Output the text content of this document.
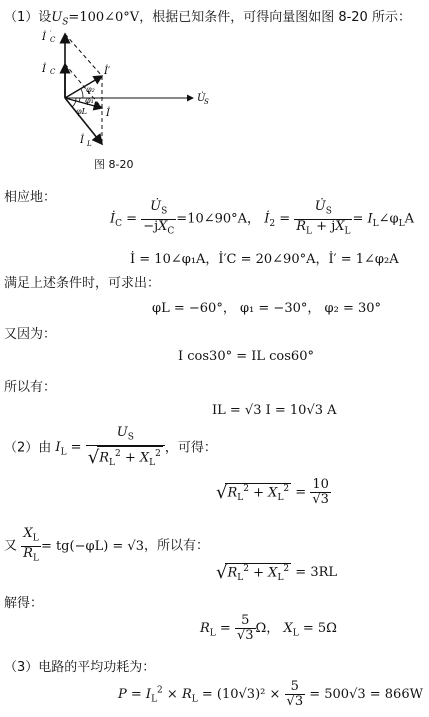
（1）设$U_S=100\angle 0^\circ V$，根据已知条件，可得向量图如图 8-20 所示：
İ ′
C
İ C	İ′
U̇
S
φ₂
φ₁
φL İ
İ L
图 8-20
相应地：
$İ_C = \frac{U̇_S}{-jX_C}$ =10∠90°A， $İ_2 = \frac{U̇_S}{R_L + jX_L}$ = $I_L\angle\varphi_LA$
İ = 10∠φ₁A，İ′C = 20∠90°A，İ′ = 1∠φ₂A
满足上述条件时，可求出：
φL = −60°， φ₁ = −30°， φ₂ = 30°
又因为：
I cos30° = IL cos60°
所以有：
IL = √3 I = 10√3 A
（2）由 $I_L = \frac{U_S}{√R_L^2 + X_L^2}$ ，可得：
$√R_L^2 + X_L^2 = \frac{10}{√3}$
又 $\frac{X_L}{R_L} = tg(-\varphi L) = √3$，所以有：
$√R_L^2 + X_L^2 = 3RL$
解得：
$R_L = \frac{5}{√3}$ Ω， $X_L = 5\Omega$
（3）电路的平均功耗为：
$P = I_L^2 \times R_L = (10√3)^2 \times \frac{5}{√3} = 500√3 = 866W$
